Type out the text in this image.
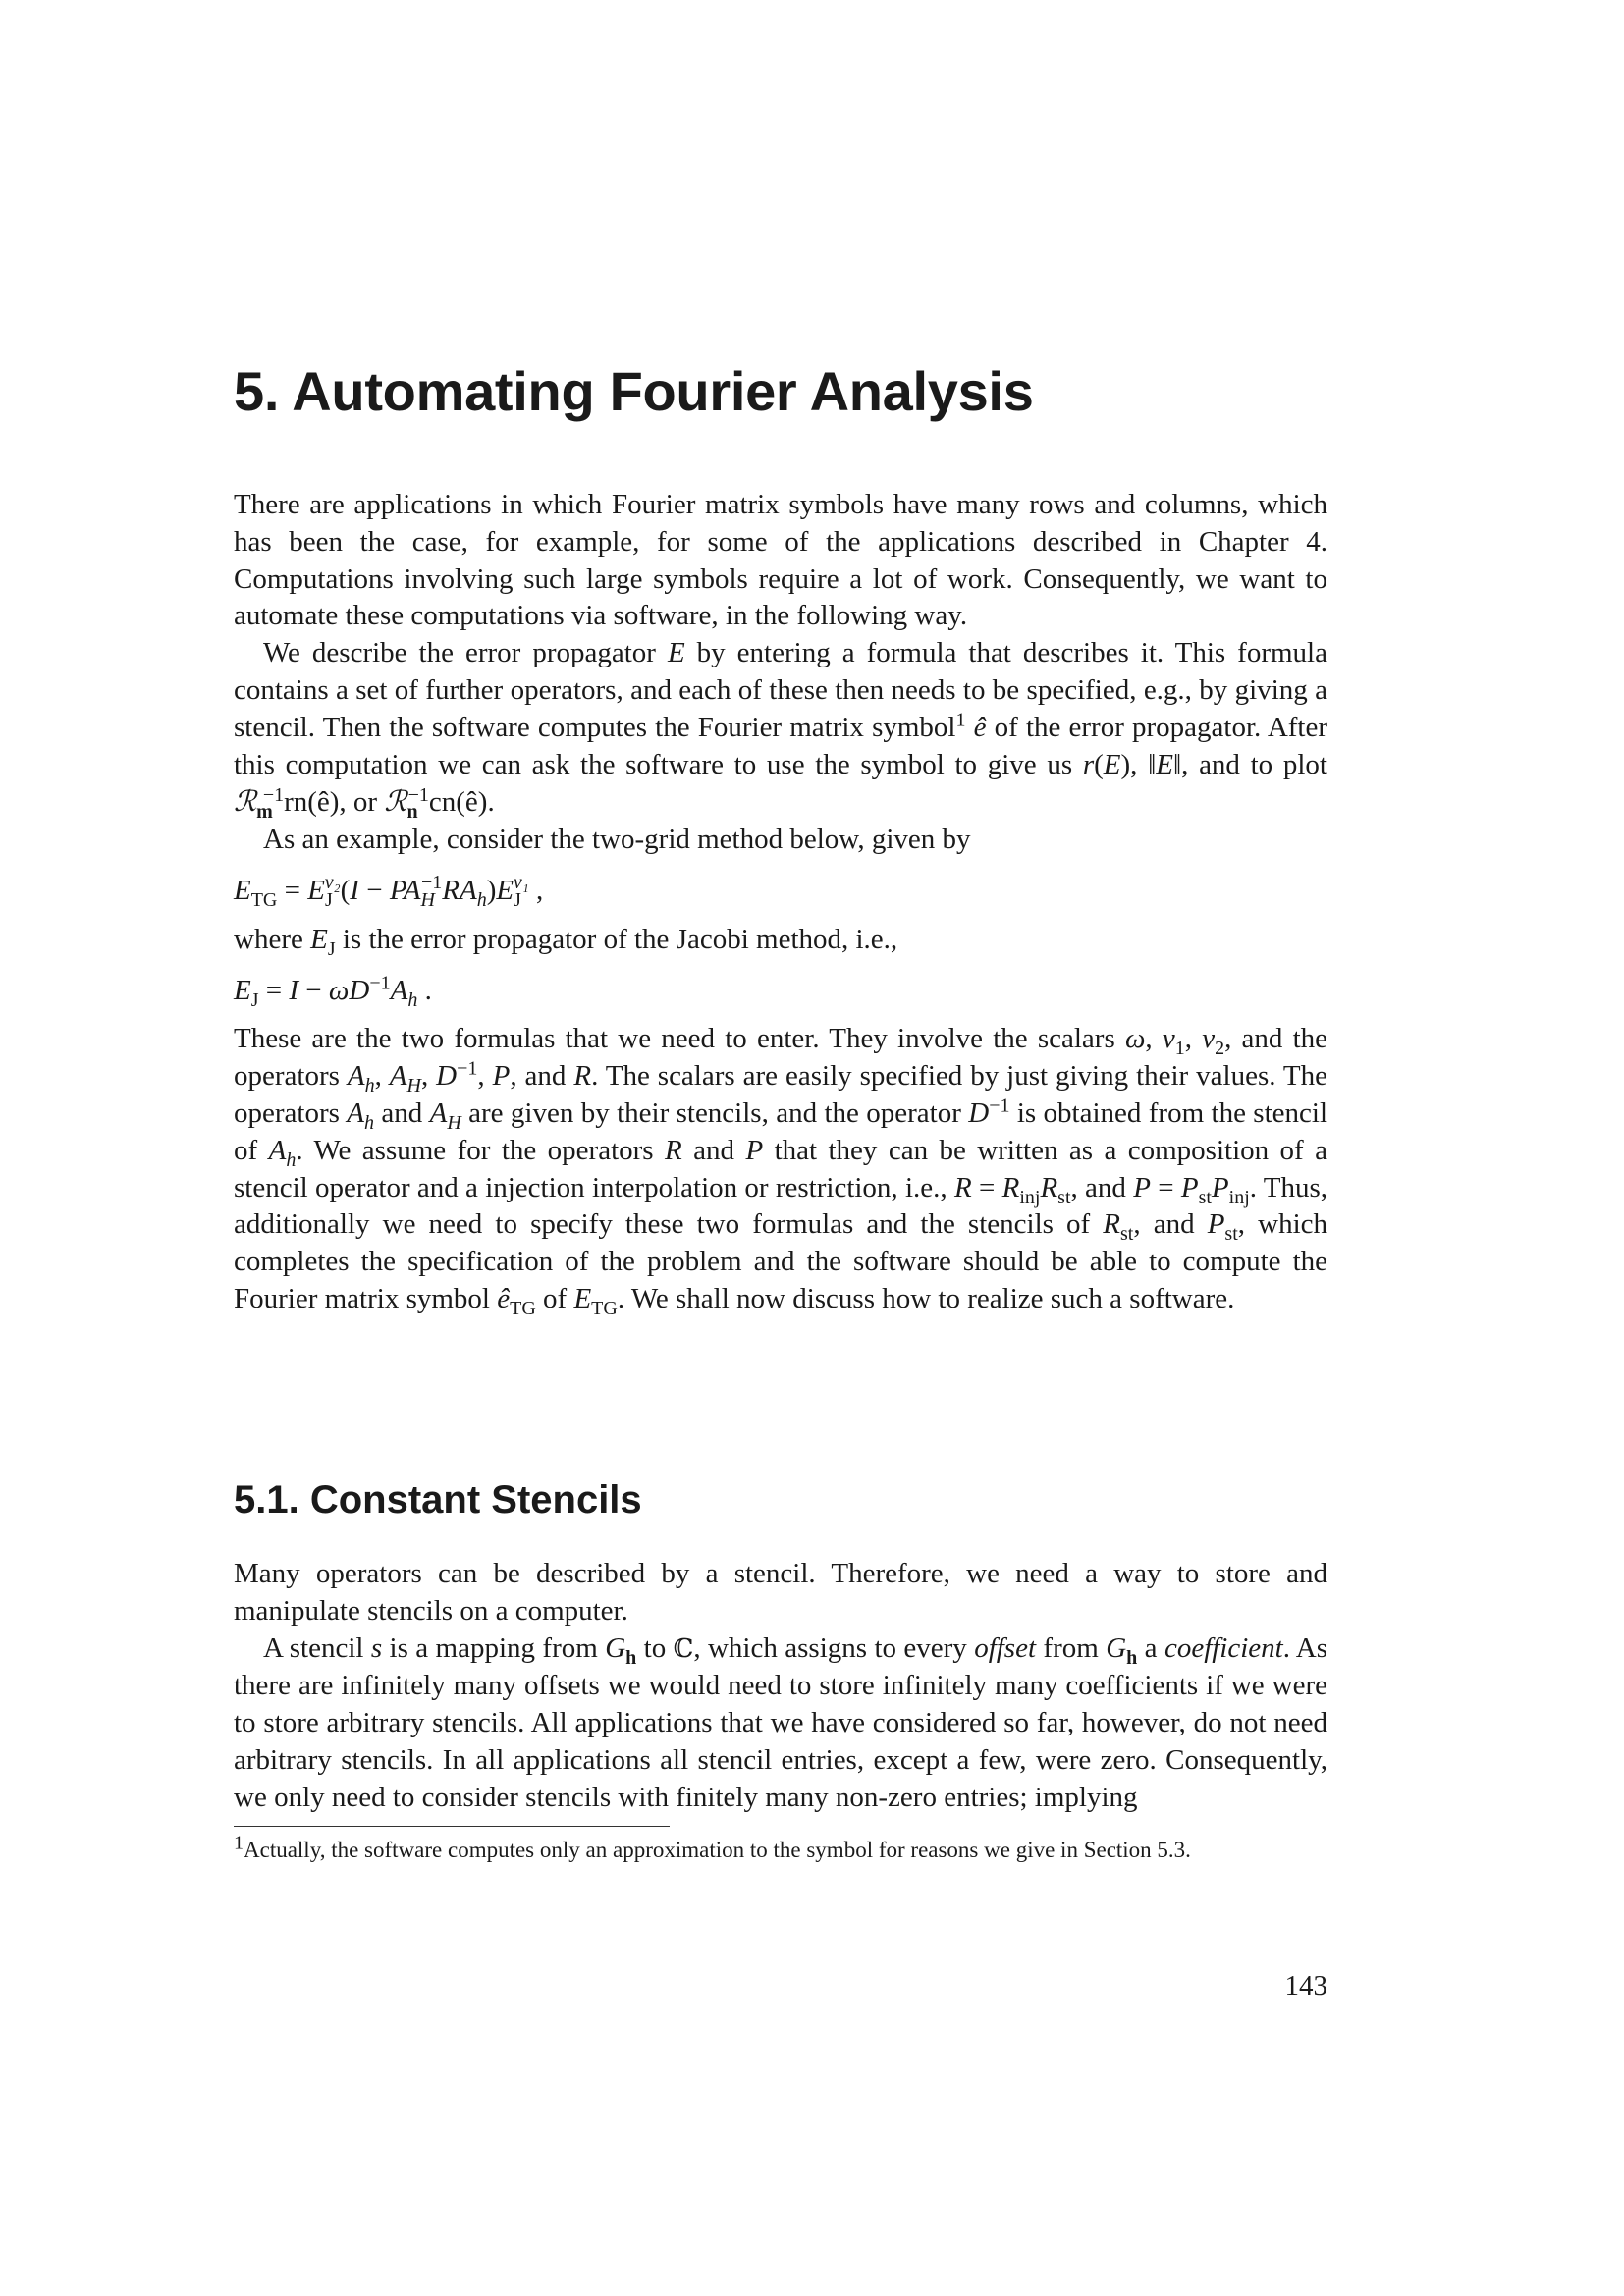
5. Automating Fourier Analysis

There are applications in which Fourier matrix symbols have many rows and columns, which has been the case, for example, for some of the applications described in Chapter 4. Computations involving such large symbols require a lot of work. Consequently, we want to automate these computations via software, in the following way.

We describe the error propagator E by entering a formula that describes it. This formula contains a set of further operators, and each of these then needs to be specified, e.g., by giving a stencil. Then the software computes the Fourier matrix symbol$^1$ ê of the error propagator. After this computation we can ask the software to use the symbol to give us r(E), ‖E‖, and to plot ℛ$_m^{-1}$rn(ê), or ℛ$_n^{-1}$cn(ê).

As an example, consider the two-grid method below, given by

$E_{TG} = E_J^{\nu_2}(I - PA_H^{-1}RA_h)E_J^{\nu_1}$ ,

where $E_J$ is the error propagator of the Jacobi method, i.e.,

$E_J = I - \omega D^{-1}A_h$ .

These are the two formulas that we need to enter. They involve the scalars ω, $\nu_1$, $\nu_2$, and the operators $A_h$, $A_H$, $D^{-1}$, P, and R. The scalars are easily specified by just giving their values. The operators $A_h$ and $A_H$ are given by their stencils, and the operator $D^{-1}$ is obtained from the stencil of $A_h$. We assume for the operators R and P that they can be written as a composition of a stencil operator and a injection interpolation or restriction, i.e., $R = R_{inj}R_{st}$, and $P = P_{st}P_{inj}$. Thus, additionally we need to specify these two formulas and the stencils of $R_{st}$, and $P_{st}$, which completes the specification of the problem and the software should be able to compute the Fourier matrix symbol $ê_{TG}$ of $E_{TG}$. We shall now discuss how to realize such a software.

5.1. Constant Stencils

Many operators can be described by a stencil. Therefore, we need a way to store and manipulate stencils on a computer.

A stencil s is a mapping from $G_h$ to ℂ, which assigns to every offset from $G_h$ a coefficient. As there are infinitely many offsets we would need to store infinitely many coefficients if we were to store arbitrary stencils. All applications that we have considered so far, however, do not need arbitrary stencils. In all applications all stencil entries, except a few, were zero. Consequently, we only need to consider stencils with finitely many non-zero entries; implying

$^1$Actually, the software computes only an approximation to the symbol for reasons we give in Section 5.3.
143
